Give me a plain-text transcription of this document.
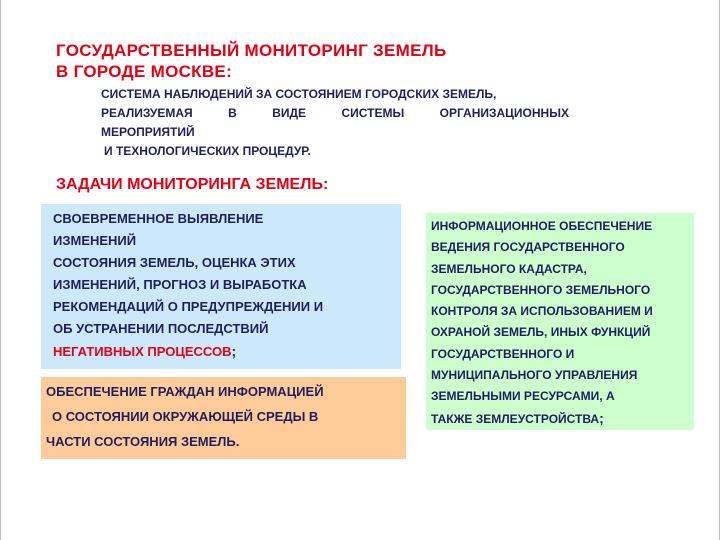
ГОСУДАРСТВЕННЫЙ МОНИТОРИНГ ЗЕМЕЛЬ
В ГОРОДЕ МОСКВЕ:
СИСТЕМА НАБЛЮДЕНИЙ ЗА СОСТОЯНИЕМ ГОРОДСКИХ ЗЕМЕЛЬ,
РЕАЛИЗУЕМАЯ	В	ВИДЕ	СИСТЕМЫ	ОРГАНИЗАЦИОННЫХ
МЕРОПРИЯТИЙ
И ТЕХНОЛОГИЧЕСКИХ ПРОЦЕДУР.
ЗАДАЧИ МОНИТОРИНГА ЗЕМЕЛЬ:
СВОЕВРЕМЕННОЕ ВЫЯВЛЕНИЕ
ИЗМЕНЕНИЙ
СОСТОЯНИЯ ЗЕМЕЛЬ, ОЦЕНКА ЭТИХ
ИЗМЕНЕНИЙ, ПРОГНОЗ И ВЫРАБОТКА
РЕКОМЕНДАЦИЙ О ПРЕДУПРЕЖДЕНИИ И
ОБ УСТРАНЕНИИ ПОСЛЕДСТВИЙ
НЕГАТИВНЫХ ПРОЦЕССОВ;
ОБЕСПЕЧЕНИЕ ГРАЖДАН ИНФОРМАЦИЕЙ
О СОСТОЯНИИ ОКРУЖАЮЩЕЙ СРЕДЫ В
ЧАСТИ СОСТОЯНИЯ ЗЕМЕЛЬ.
ИНФОРМАЦИОННОЕ ОБЕСПЕЧЕНИЕ
ВЕДЕНИЯ ГОСУДАРСТВЕННОГО
ЗЕМЕЛЬНОГО КАДАСТРА,
ГОСУДАРСТВЕННОГО ЗЕМЕЛЬНОГО
КОНТРОЛЯ ЗА ИСПОЛЬЗОВАНИЕМ И
ОХРАНОЙ ЗЕМЕЛЬ, ИНЫХ ФУНКЦИЙ
ГОСУДАРСТВЕННОГО И
МУНИЦИПАЛЬНОГО УПРАВЛЕНИЯ
ЗЕМЕЛЬНЫМИ РЕСУРСАМИ, А
ТАКЖЕ ЗЕМЛЕУСТРОЙСТВА;
